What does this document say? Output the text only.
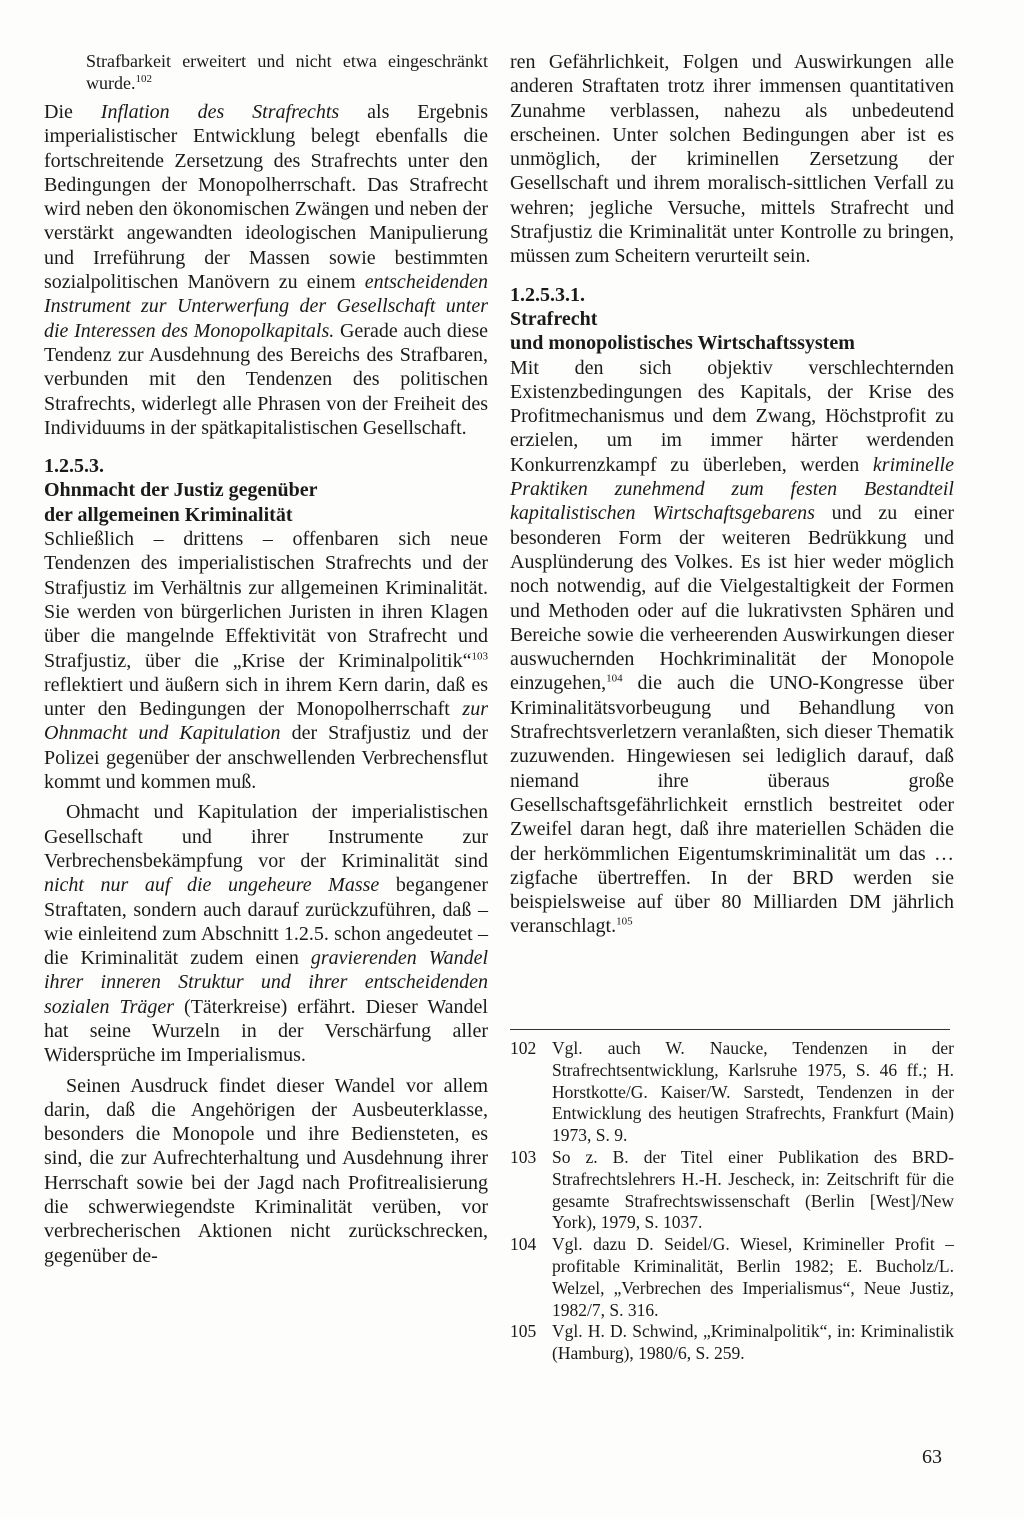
Strafbarkeit erweitert und nicht etwa eingeschränkt wurde.$^{102}$

Die Inflation des Strafrechts als Ergebnis imperialistischer Entwicklung belegt ebenfalls die fortschreitende Zersetzung des Strafrechts unter den Bedingungen der Monopolherrschaft. Das Strafrecht wird neben den ökonomischen Zwängen und neben der verstärkt angewandten ideologischen Manipulierung und Irreführung der Massen sowie bestimmten sozialpolitischen Manövern zu einem entscheidenden Instrument zur Unterwerfung der Gesellschaft unter die Interessen des Monopolkapitals. Gerade auch diese Tendenz zur Ausdehnung des Bereichs des Strafbaren, verbunden mit den Tendenzen des politischen Strafrechts, widerlegt alle Phrasen von der Freiheit des Individuums in der spätkapitalistischen Gesellschaft.

1.2.5.3.
Ohnmacht der Justiz gegenüber
der allgemeinen Kriminalität

Schließlich – drittens – offenbaren sich neue Tendenzen des imperialistischen Strafrechts und der Strafjustiz im Verhältnis zur allgemeinen Kriminalität. Sie werden von bürgerlichen Juristen in ihren Klagen über die mangelnde Effektivität von Strafrecht und Strafjustiz, über die „Krise der Kriminalpolitik“$^{103}$ reflektiert und äußern sich in ihrem Kern darin, daß es unter den Bedingungen der Monopolherrschaft zur Ohnmacht und Kapitulation der Strafjustiz und der Polizei gegenüber der anschwellenden Verbrechensflut kommt und kommen muß.

Ohmacht und Kapitulation der imperialistischen Gesellschaft und ihrer Instrumente zur Verbrechensbekämpfung vor der Kriminalität sind nicht nur auf die ungeheure Masse begangener Straftaten, sondern auch darauf zurückzuführen, daß – wie einleitend zum Abschnitt 1.2.5. schon angedeutet – die Kriminalität zudem einen gravierenden Wandel ihrer inneren Struktur und ihrer entscheidenden sozialen Träger (Täterkreise) erfährt. Dieser Wandel hat seine Wurzeln in der Verschärfung aller Widersprüche im Imperialismus.

Seinen Ausdruck findet dieser Wandel vor allem darin, daß die Angehörigen der Ausbeuterklasse, besonders die Monopole und ihre Bediensteten, es sind, die zur Aufrechterhaltung und Ausdehnung ihrer Herrschaft sowie bei der Jagd nach Profitrealisierung die schwerwiegendste Kriminalität verüben, vor verbrecherischen Aktionen nicht zurückschrecken, gegenüber de-

ren Gefährlichkeit, Folgen und Auswirkungen alle anderen Straftaten trotz ihrer immensen quantitativen Zunahme verblassen, nahezu als unbedeutend erscheinen. Unter solchen Bedingungen aber ist es unmöglich, der kriminellen Zersetzung der Gesellschaft und ihrem moralisch-sittlichen Verfall zu wehren; jegliche Versuche, mittels Strafrecht und Strafjustiz die Kriminalität unter Kontrolle zu bringen, müssen zum Scheitern verurteilt sein.

1.2.5.3.1.
Strafrecht
und monopolistisches Wirtschaftssystem

Mit den sich objektiv verschlechternden Existenzbedingungen des Kapitals, der Krise des Profitmechanismus und dem Zwang, Höchstprofit zu erzielen, um im immer härter werdenden Konkurrenzkampf zu überleben, werden kriminelle Praktiken zunehmend zum festen Bestandteil kapitalistischen Wirtschaftsgebarens und zu einer besonderen Form der weiteren Bedrükkung und Ausplünderung des Volkes. Es ist hier weder möglich noch notwendig, auf die Vielgestaltigkeit der Formen und Methoden oder auf die lukrativsten Sphären und Bereiche sowie die verheerenden Auswirkungen dieser auswuchernden Hochkriminalität der Monopole einzugehen,$^{104}$ die auch die UNO-Kongresse über Kriminalitätsvorbeugung und Behandlung von Strafrechtsverletzern veranlaßten, sich dieser Thematik zuzuwenden. Hingewiesen sei lediglich darauf, daß niemand ihre überaus große Gesellschaftsgefährlichkeit ernstlich bestreitet oder Zweifel daran hegt, daß ihre materiellen Schäden die der herkömmlichen Eigentumskriminalität um das … zigfache übertreffen. In der BRD werden sie beispielsweise auf über 80 Milliarden DM jährlich veranschlagt.$^{105}$

102 Vgl. auch W. Naucke, Tendenzen in der Strafrechtsentwicklung, Karlsruhe 1975, S. 46 ff.; H. Horstkotte/G. Kaiser/W. Sarstedt, Tendenzen in der Entwicklung des heutigen Strafrechts, Frankfurt (Main) 1973, S. 9.
103 So z. B. der Titel einer Publikation des BRD-Strafrechtslehrers H.-H. Jescheck, in: Zeitschrift für die gesamte Strafrechtswissenschaft (Berlin [West]/New York), 1979, S. 1037.
104 Vgl. dazu D. Seidel/G. Wiesel, Krimineller Profit – profitable Kriminalität, Berlin 1982; E. Bucholz/L. Welzel, „Verbrechen des Imperialismus“, Neue Justiz, 1982/7, S. 316.
105 Vgl. H. D. Schwind, „Kriminalpolitik“, in: Kriminalistik (Hamburg), 1980/6, S. 259.
63
